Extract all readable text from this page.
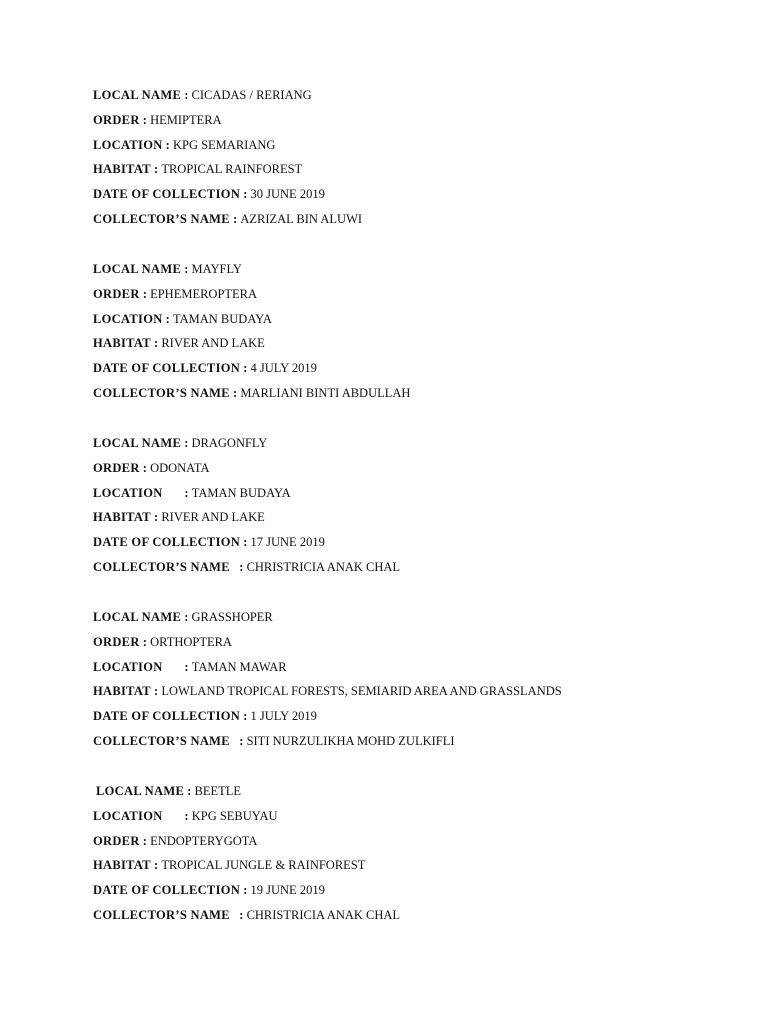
LOCAL NAME : CICADAS / RERIANG
ORDER : HEMIPTERA
LOCATION : KPG SEMARIANG
HABITAT : TROPICAL RAINFOREST
DATE OF COLLECTION : 30 JUNE 2019
COLLECTOR’S NAME : AZRIZAL BIN ALUWI
LOCAL NAME : MAYFLY
ORDER : EPHEMEROPTERA
LOCATION : TAMAN BUDAYA
HABITAT : RIVER AND LAKE
DATE OF COLLECTION : 4 JULY 2019
COLLECTOR’S NAME : MARLIANI BINTI ABDULLAH
LOCAL NAME : DRAGONFLY
ORDER : ODONATA
LOCATION       : TAMAN BUDAYA
HABITAT : RIVER AND LAKE
DATE OF COLLECTION : 17 JUNE 2019
COLLECTOR’S NAME   : CHRISTRICIA ANAK CHAL
LOCAL NAME : GRASSHOPER
ORDER : ORTHOPTERA
LOCATION       : TAMAN MAWAR
HABITAT : LOWLAND TROPICAL FORESTS, SEMIARID AREA AND GRASSLANDS
DATE OF COLLECTION : 1 JULY 2019
COLLECTOR’S NAME   : SITI NURZULIKHA MOHD ZULKIFLI
LOCAL NAME : BEETLE
LOCATION       : KPG SEBUYAU
ORDER : ENDOPTERYGOTA
HABITAT : TROPICAL JUNGLE & RAINFOREST
DATE OF COLLECTION : 19 JUNE 2019
COLLECTOR’S NAME   : CHRISTRICIA ANAK CHAL
